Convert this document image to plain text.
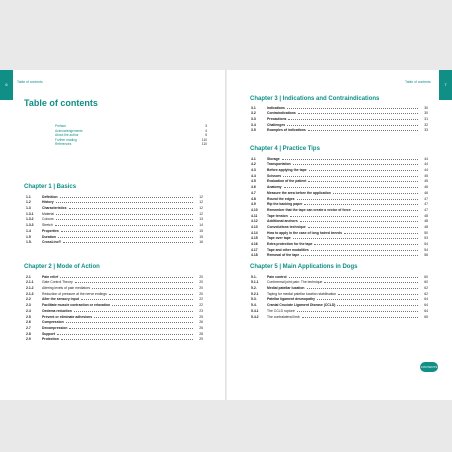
6	7
Table of contents	Table of contents
Table of contents
Preface	3
Acknowledgements	4
About the author	5
Further reading	110
References	110
Chapter 1 | Basics
1.1	Definition	12
1.2	History	12
1.3	Characteristics	12
1.3.1	Material	12
1.3.2	Colours	13
1.3.3	Stretch	14
1.4	Properties	15
1.5	Duration	15
1.5.	CrossLinc®	16
Chapter 2 | Mode of Action
2.1	Pain relief	20
2.1.1	Gate Control Theory	20
2.1.2	Altering levels of pain mediators	20
2.1.3	Reduction of pressure at the nerve endings	20
2.2	Alter the sensory input	22
2.3	Facilitate muscle contraction or relaxation	22
2.4	Oedema reduction	23
2.5	Prevent or eliminate adhesions	25
2.6	Compression	26
2.7	Decompression	26
2.8	Support	28
2.9	Protection	29
Chapter 3 | Indications and Contraindications
3.1	Indications	30
3.2	Contraindications	30
3.3	Precautions	31
3.4	Challenges	32
3.5	Examples of indications	33
Chapter 4 | Practice Tips
4.1	Storage	44
4.2	Transportation	44
4.3	Before applying the tape	44
4.4	Scissors	45
4.5	Evaluation of the patient	45
4.6	Anatomy	46
4.7	Measure the area before the application	46
4.8	Round the edges	47
4.9	Rip the backing paper	47
4.10	Remember that the tape can create a vector of force	47
4.11	Tape tension	48
4.12	Additional anchors	48
4.13	Convolutions technique	48
4.14	How to apply in the case of long haired breeds	50
4.15	Tape over tape	53
4.16	Extra protection for the tape	54
4.17	Tape and other modalities	54
4.18	Removal of the tape	56
Chapter 5 | Main Applications in Dogs
5.1.	Pain control	60
5.1.1	Conforemal joint pain: The technique	60
5.2.	Medial patellar luxation	62
5.2.1	Taping for medial patellar luxation stabilisation	62
5.3.	Patellar ligament desmopathy	64
5.4.	Cranial Cruciate Ligament Disease (CCLD)	64
5.4.1	The CCLD rupture	64
5.4.2	The contralateral limb	65
CONTENTS
